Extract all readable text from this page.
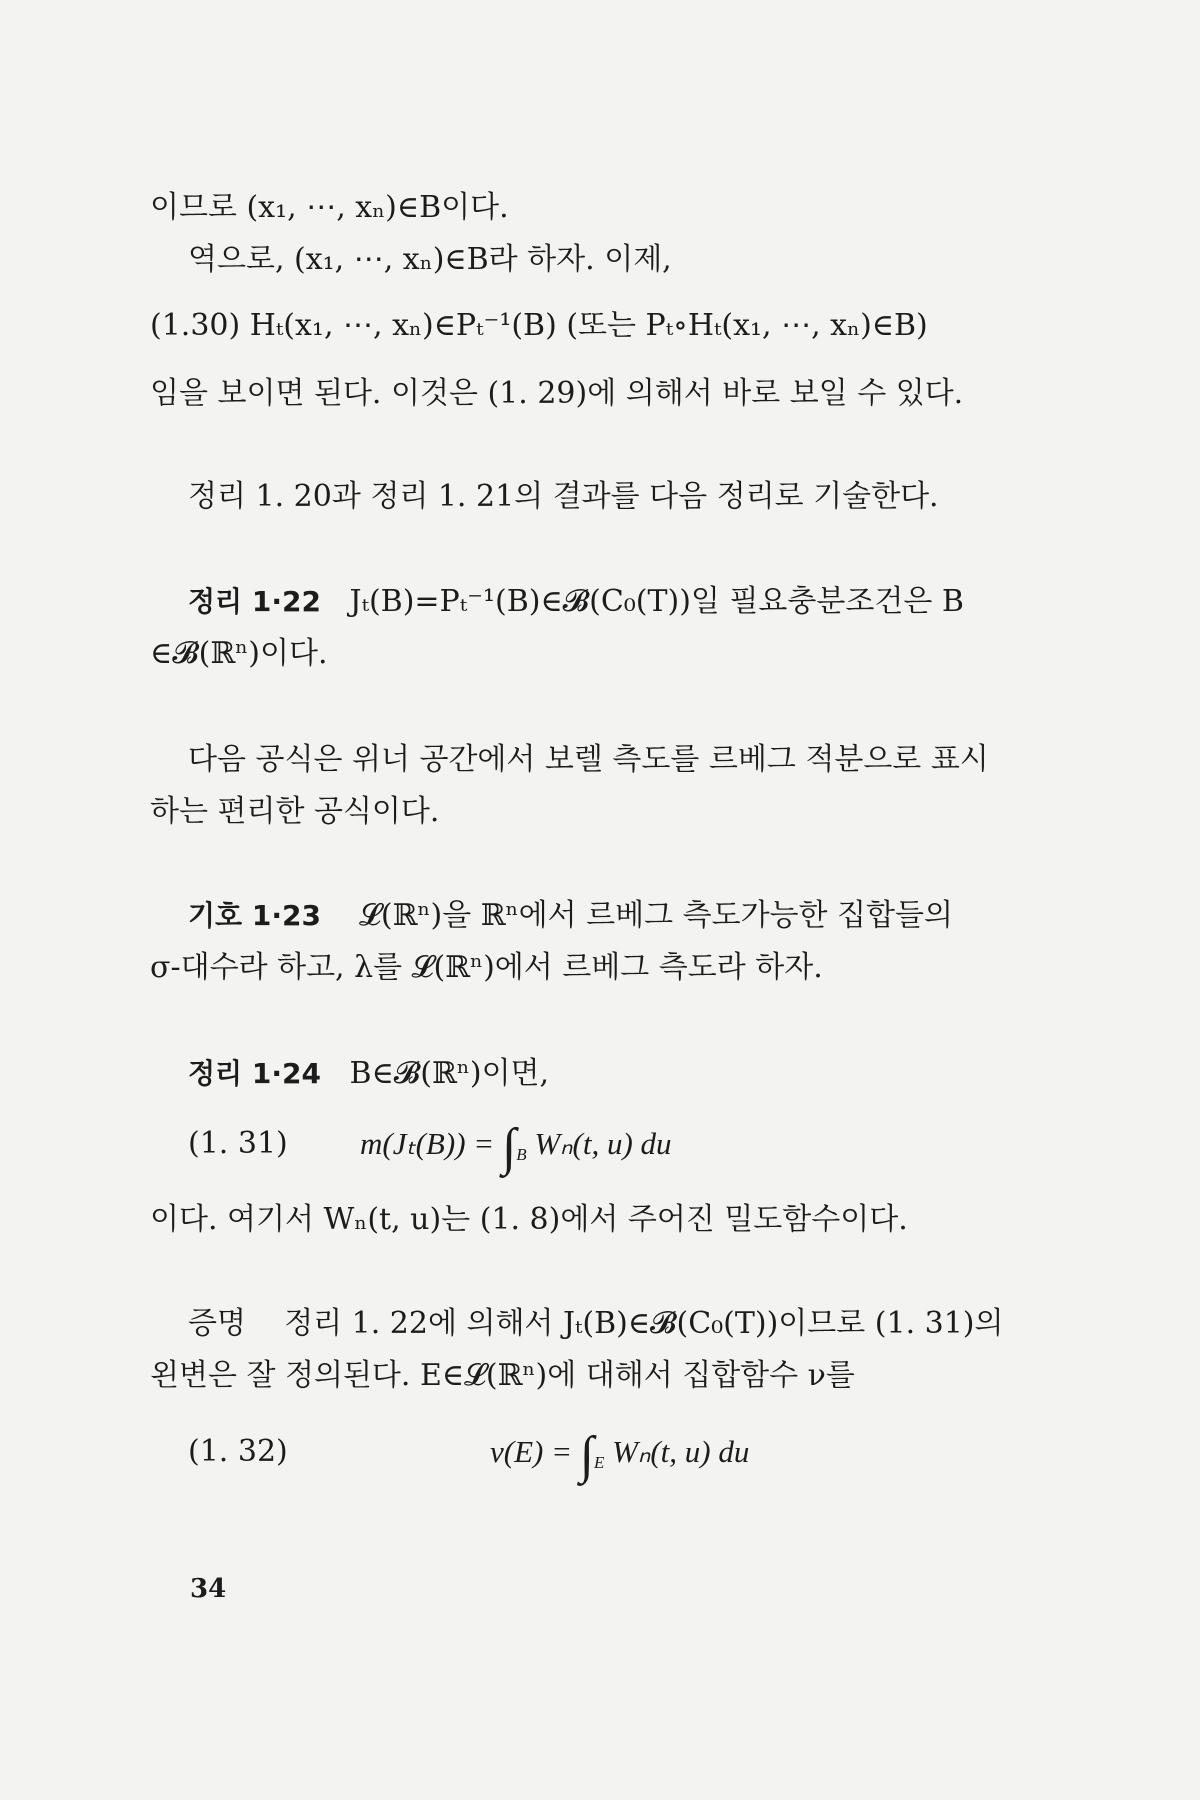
이므로 (x₁, ⋯, xₙ)∈B이다.
역으로, (x₁, ⋯, xₙ)∈B라 하자. 이제,
(1.30) Hₜ(x₁, ⋯, xₙ)∈Pₜ⁻¹(B) (또는 Pₜ∘Hₜ(x₁, ⋯, xₙ)∈B)
임을 보이면 된다. 이것은 (1. 29)에 의해서 바로 보일 수 있다.
정리 1. 20과 정리 1. 21의 결과를 다음 정리로 기술한다.
정리 1·22 Jₜ(B)=Pₜ⁻¹(B)∈𝓑(C₀(T))일 필요충분조건은 B
∈𝓑(ℝⁿ)이다.
다음 공식은 위너 공간에서 보렐 측도를 르베그 적분으로 표시
하는 편리한 공식이다.
기호 1·23 𝓛(ℝⁿ)을 ℝⁿ에서 르베그 측도가능한 집합들의
σ-대수라 하고, λ를 𝓛(ℝⁿ)에서 르베그 측도라 하자.
정리 1·24 B∈𝓑(ℝⁿ)이면,
(1. 31) $m(J_t(B)) = \int_B$ Wₙ(t, u) du
이다. 여기서 Wₙ(t, u)는 (1. 8)에서 주어진 밀도함수이다.
증명 정리 1. 22에 의해서 Jₜ(B)∈𝓑(C₀(T))이므로 (1. 31)의
왼변은 잘 정의된다. E∈𝓛(ℝⁿ)에 대해서 집합함수 ν를
(1. 32)	$\nu(E) = \int_E$ Wₙ(t, u) du
34
